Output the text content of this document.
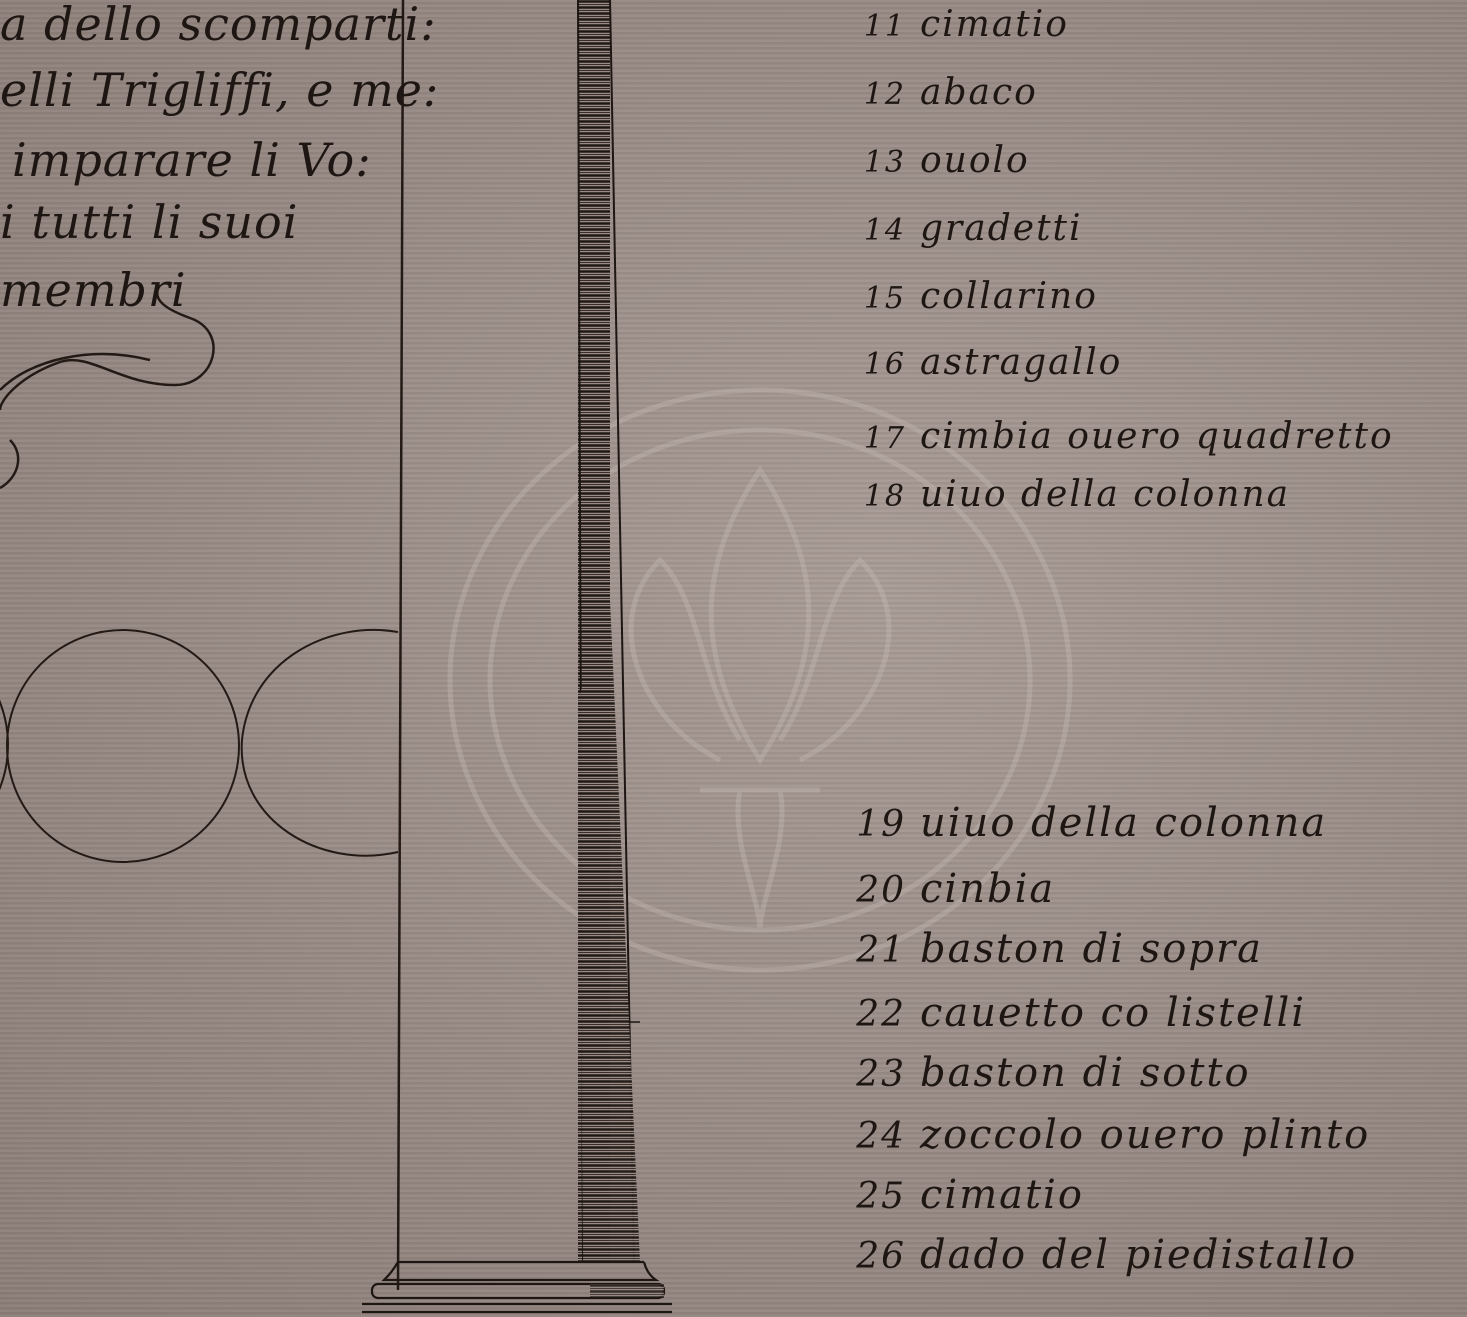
a dello scomparti:
elli Trigliffi, e me:
imparare li Vo:
i tutti li suoi
membri
11 cimatio
12 abaco
13 ouolo
14 gradetti
15 collarino
16 astragallo
17 cimbia ouero quadretto
18 uiuo della colonna
19 uiuo della colonna
20 cinbia
21 baston di sopra
22 cauetto co listelli
23 baston di sotto
24 zoccolo ouero plinto
25 cimatio
26 dado del piedistallo
